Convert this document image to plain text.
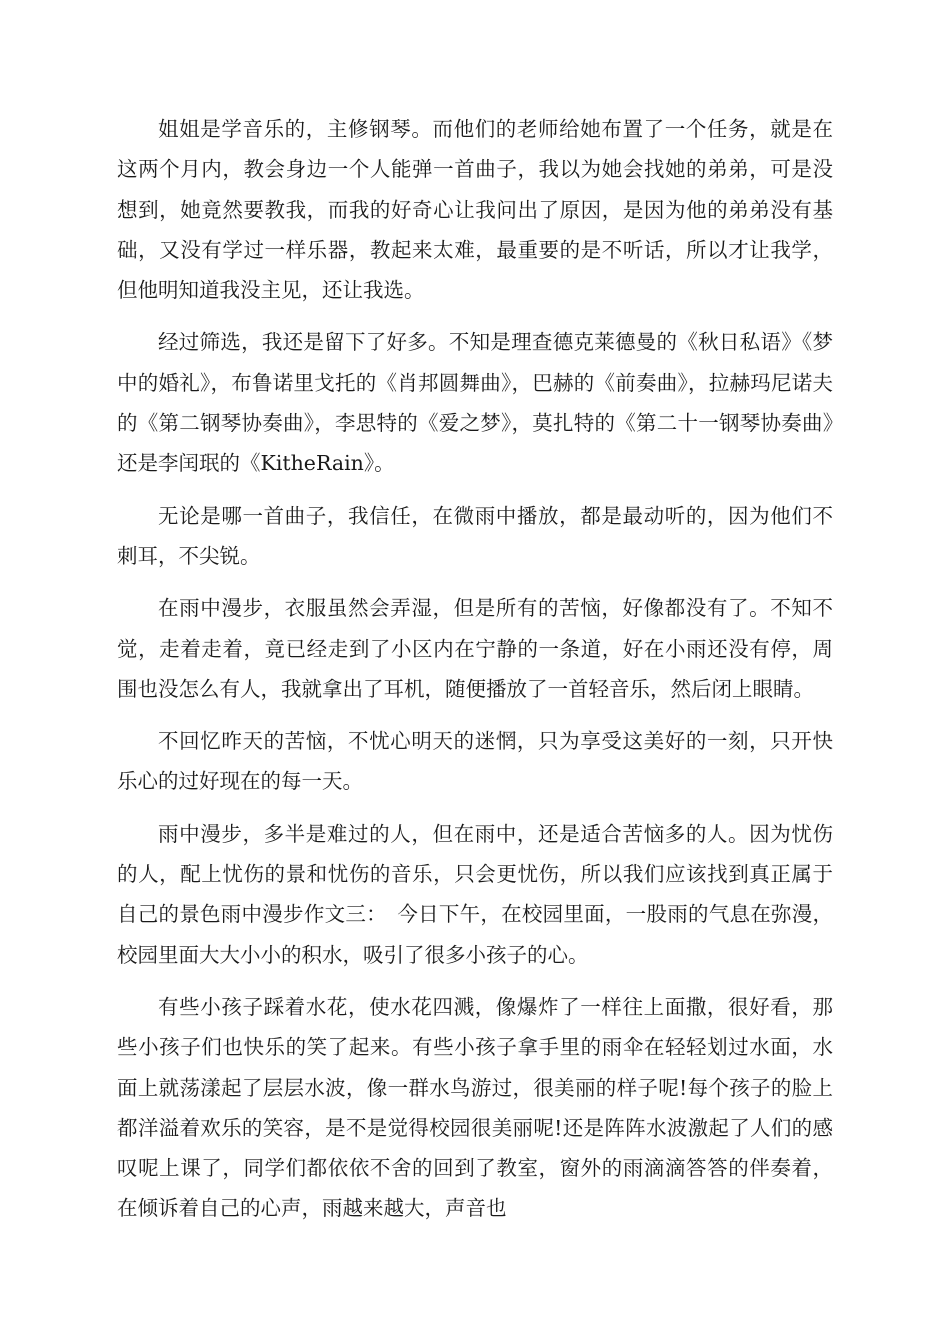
姐姐是学音乐的，主修钢琴。而他们的老师给她布置了一个任务，就是在这两个月内，教会身边一个人能弹一首曲子，我以为她会找她的弟弟，可是没想到，她竟然要教我，而我的好奇心让我问出了原因，是因为他的弟弟没有基础，又没有学过一样乐器，教起来太难，最重要的是不听话，所以才让我学，但他明知道我没主见，还让我选。

经过筛选，我还是留下了好多。不知是理查德克莱德曼的《秋日私语》《梦中的婚礼》，布鲁诺里戈托的《肖邦圆舞曲》，巴赫的《前奏曲》，拉赫玛尼诺夫的《第二钢琴协奏曲》，李思特的《爱之梦》，莫扎特的《第二十一钢琴协奏曲》还是李闰珉的《KitheRain》。

无论是哪一首曲子，我信任，在微雨中播放，都是最动听的，因为他们不刺耳，不尖锐。

在雨中漫步，衣服虽然会弄湿，但是所有的苦恼，好像都没有了。不知不觉，走着走着，竟已经走到了小区内在宁静的一条道，好在小雨还没有停，周围也没怎么有人，我就拿出了耳机，随便播放了一首轻音乐，然后闭上眼睛。

不回忆昨天的苦恼，不忧心明天的迷惘，只为享受这美好的一刻，只开快乐心的过好现在的每一天。

雨中漫步，多半是难过的人，但在雨中，还是适合苦恼多的人。因为忧伤的人，配上忧伤的景和忧伤的音乐，只会更忧伤，所以我们应该找到真正属于自己的景色雨中漫步作文三：　今日下午，在校园里面，一股雨的气息在弥漫，校园里面大大小小的积水，吸引了很多小孩子的心。

有些小孩子踩着水花，使水花四溅，像爆炸了一样往上面撒，很好看，那些小孩子们也快乐的笑了起来。有些小孩子拿手里的雨伞在轻轻划过水面，水面上就荡漾起了层层水波，像一群水鸟游过，很美丽的样子呢!每个孩子的脸上都洋溢着欢乐的笑容，是不是觉得校园很美丽呢!还是阵阵水波激起了人们的感叹呢上课了，同学们都依依不舍的回到了教室，窗外的雨滴滴答答的伴奏着，在倾诉着自己的心声，雨越来越大，声音也
